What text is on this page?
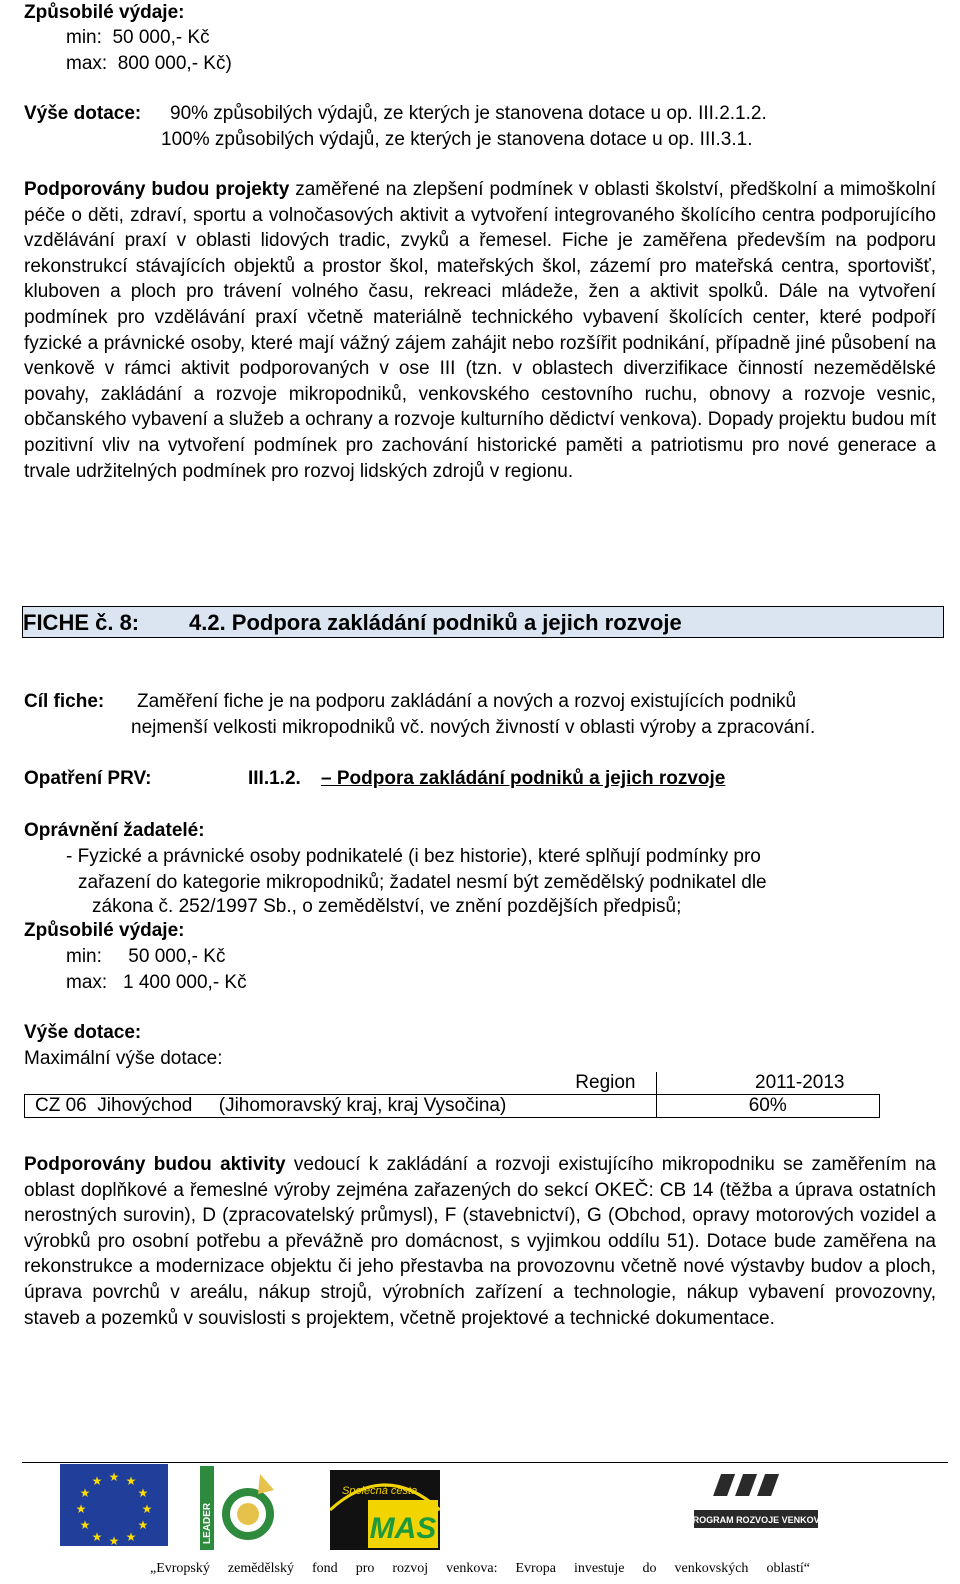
Způsobilé výdaje:
min:  50 000,- Kč
max:  800 000,- Kč)
Výše dotace: 90% způsobilých výdajů, ze kterých je stanovena dotace u op. III.2.1.2.
100% způsobilých výdajů, ze kterých je stanovena dotace u op. III.3.1.

Podporovány budou projekty zaměřené na zlepšení podmínek v oblasti školství, předškolní a mimoškolní péče o děti, zdraví, sportu a volnočasových aktivit a vytvoření integrovaného školícího centra podporujícího vzdělávání praxí v oblasti lidových tradic, zvyků a řemesel. Fiche je zaměřena především na podporu rekonstrukcí stávajících objektů a prostor škol, mateřských škol, zázemí pro mateřská centra, sportovišť, kluboven a ploch pro trávení volného času, rekreaci mládeže, žen a aktivit spolků. Dále na vytvoření podmínek pro vzdělávání praxí včetně materiálně technického vybavení školících center, které podpoří fyzické a právnické osoby, které mají vážný zájem zahájit nebo rozšířit podnikání, případně jiné působení na venkově v rámci aktivit podporovaných v ose III (tzn. v oblastech diverzifikace činností nezemědělské povahy, zakládání a rozvoje mikropodniků, venkovského cestovního ruchu, obnovy a rozvoje vesnic, občanského vybavení a služeb a ochrany a rozvoje kulturního dědictví venkova). Dopady projektu budou mít pozitivní vliv na vytvoření podmínek pro zachování historické paměti a patriotismu pro nové generace a trvale udržitelných podmínek pro rozvoj lidských zdrojů v regionu.

FICHE č. 8: 4.2. Podpora zakládání podniků a jejich rozvoje
Cíl fiche: Zaměření fiche je na podporu zakládání a nových a rozvoj existujících podniků
nejmenší velkosti mikropodniků vč. nových živností v oblasti výroby a zpracování.
Opatření PRV:	III.1.2. – Podpora zakládání podniků a jejich rozvoje
Oprávnění žadatelé:
- Fyzické a právnické osoby podnikatelé (i bez historie), které splňují podmínky pro
zařazení do kategorie mikropodniků; žadatel nesmí být zemědělský podnikatel dle
zákona č. 252/1997 Sb., o zemědělství, ve znění pozdějších předpisů;
Způsobilé výdaje:
min:     50 000,- Kč
max:   1 400 000,- Kč
Výše dotace:
Maximální výše dotace:
Region	2011-2013
CZ 06  Jihovýchod     (Jihomoravský kraj, kraj Vysočina)	60%

Podporovány budou aktivity vedoucí k zakládání a rozvoji existujícího mikropodniku se zaměřením na oblast doplňkové a řemeslné výroby zejména zařazených do sekcí OKEČ: CB 14 (těžba a úprava ostatních nerostných surovin), D (zpracovatelský průmysl), F (stavebnictví), G (Obchod, opravy motorových vozidel a výrobků pro osobní potřebu a převážně pro domácnost, s vyjimkou oddílu 51). Dotace bude zaměřena na rekonstrukce a modernizace objektu či jeho přestavba na provozovnu včetně nové výstavby budov a ploch, úprava povrchů v areálu, nákup strojů, výrobních zařízení a technologie, nákup vybavení provozovny, staveb a pozemků v souvislosti s projektem, včetně projektové a technické dokumentace.

★ ★
★
★
★
★
★
★
★
★
★
★
LEADER
Společná cesta
MAS	PROGRAM ROZVOJE VENKOVA
„Evropský zemědělský fond pro rozvoj venkova: Evropa investuje do venkovských oblastí“
